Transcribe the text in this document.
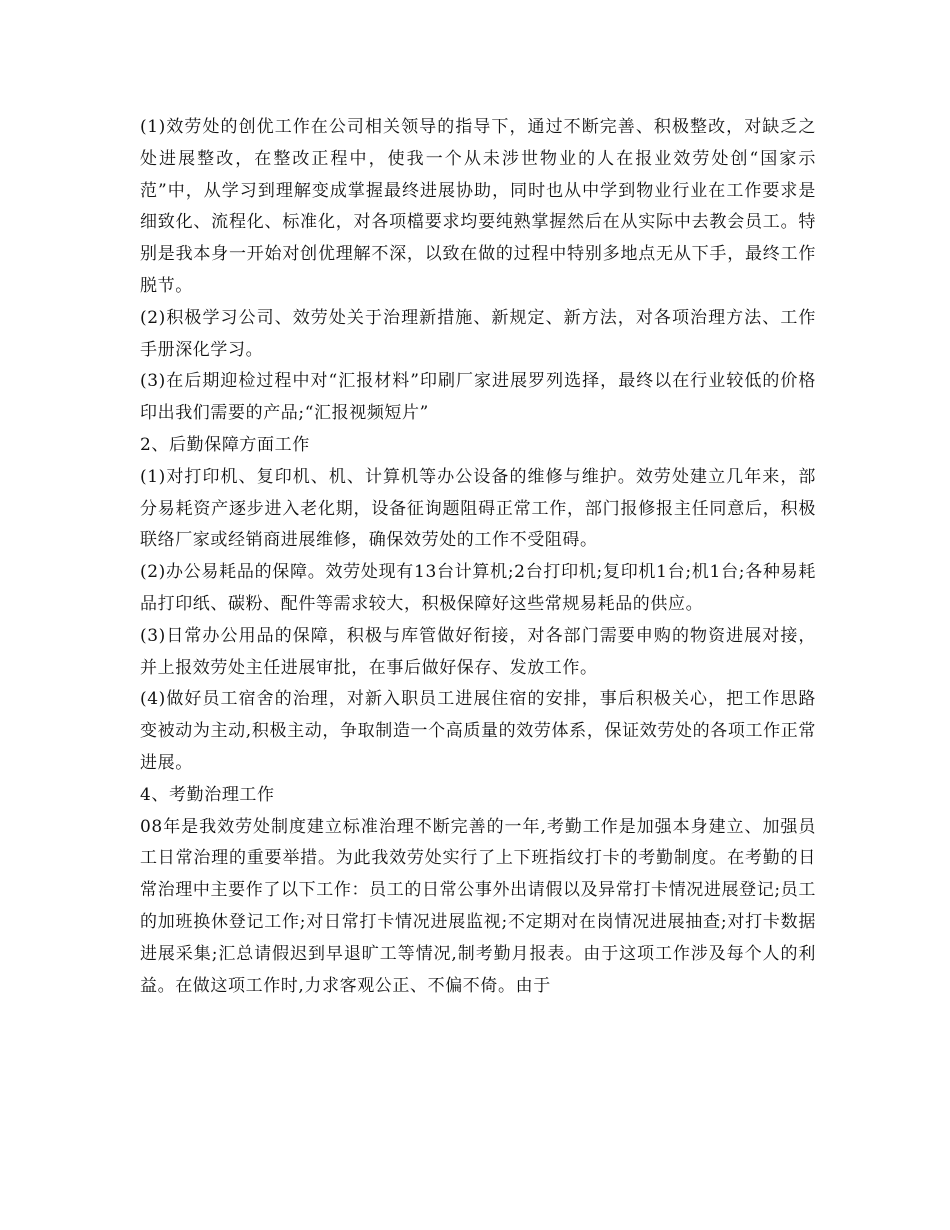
(1)效劳处的创优工作在公司相关领导的指导下，通过不断完善、积极整改，对缺乏之处进展整改，在整改正程中，使我一个从未涉世物业的人在报业效劳处创“国家示范”中，从学习到理解变成掌握最终进展协助，同时也从中学到物业行业在工作要求是细致化、流程化、标准化，对各项檔要求均要纯熟掌握然后在从实际中去教会员工。特别是我本身一开始对创优理解不深，以致在做的过程中特别多地点无从下手，最终工作脱节。

(2)积极学习公司、效劳处关于治理新措施、新规定、新方法，对各项治理方法、工作手册深化学习。

(3)在后期迎检过程中对“汇报材料”印刷厂家进展罗列选择，最终以在行业较低的价格印出我们需要的产品;“汇报视频短片”

2、后勤保障方面工作

(1)对打印机、复印机、机、计算机等办公设备的维修与维护。效劳处建立几年来，部分易耗资产逐步进入老化期，设备征询题阻碍正常工作，部门报修报主任同意后，积极联络厂家或经销商进展维修，确保效劳处的工作不受阻碍。

(2)办公易耗品的保障。效劳处现有13台计算机;2台打印机;复印机1台;机1台;各种易耗品打印纸、碳粉、配件等需求较大，积极保障好这些常规易耗品的供应。

(3)日常办公用品的保障，积极与库管做好衔接，对各部门需要申购的物资进展对接，并上报效劳处主任进展审批，在事后做好保存、发放工作。

(4)做好员工宿舍的治理，对新入职员工进展住宿的安排，事后积极关心，把工作思路变被动为主动,积极主动，争取制造一个高质量的效劳体系，保证效劳处的各项工作正常进展。

4、考勤治理工作

08年是我效劳处制度建立标准治理不断完善的一年,考勤工作是加强本身建立、加强员工日常治理的重要举措。为此我效劳处实行了上下班指纹打卡的考勤制度。在考勤的日常治理中主要作了以下工作：员工的日常公事外出请假以及异常打卡情况进展登记;员工的加班换休登记工作;对日常打卡情况进展监视;不定期对在岗情况进展抽查;对打卡数据进展采集;汇总请假迟到早退旷工等情况,制考勤月报表。由于这项工作涉及每个人的利益。在做这项工作时,力求客观公正、不偏不倚。由于
